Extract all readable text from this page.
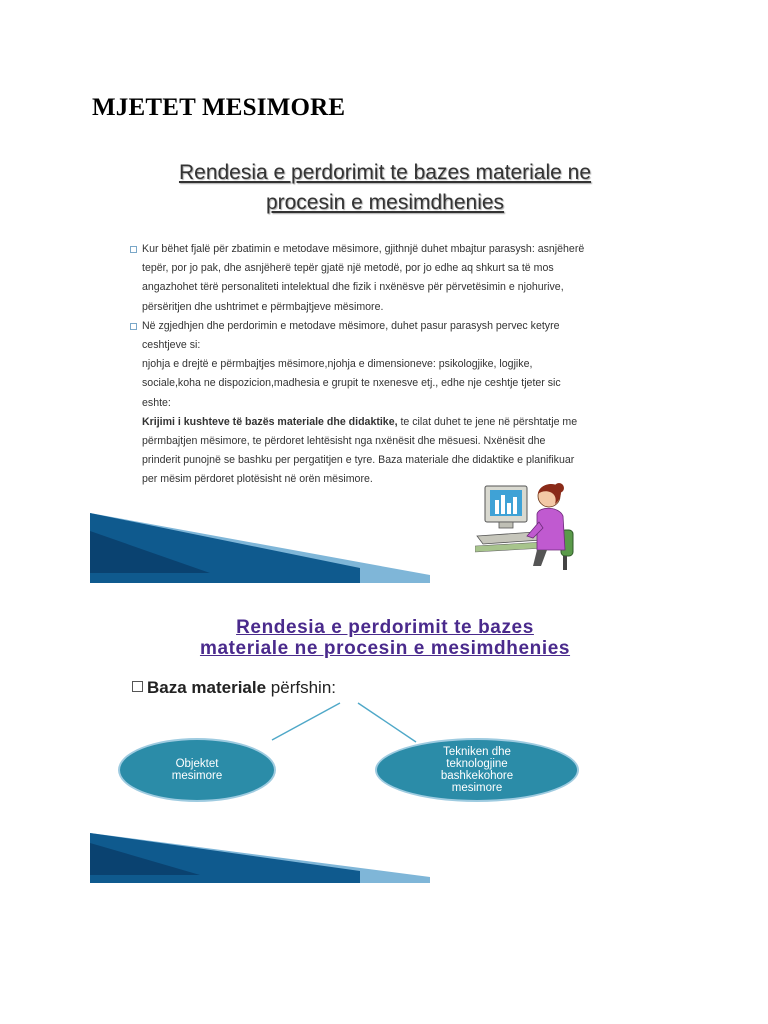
MJETET MESIMORE
Rendesia e perdorimit te bazes materiale ne
procesin e mesimdhenies

Kur bëhet fjalë për zbatimin e metodave mësimore, gjithnjë duhet mbajtur parasysh: asnjëherë

tepër, por jo pak, dhe asnjëherë tepër gjatë një metodë, por jo edhe aq shkurt sa të mos

angazhohet tërë personaliteti intelektual dhe fizik i nxënësve për përvetësimin e njohurive,

përsëritjen dhe ushtrimet e përmbajtjeve mësimore.

Në zgjedhjen dhe perdorimin e metodave mësimore, duhet pasur parasysh pervec ketyre

ceshtjeve si:

njohja e drejtë e përmbajtjes mësimore,njohja e dimensioneve: psikologjike, logjike,

sociale,koha ne dispozicion,madhesia e grupit te nxenesve etj., edhe nje ceshtje tjeter sic

eshte:

Krijimi i kushteve të bazës materiale dhe didaktike, te cilat duhet te jene në përshtatje me

përmbajtjen mësimore, te përdoret lehtësisht nga nxënësit dhe mësuesi. Nxënësit dhe

prinderit punojnë se bashku per pergatitjen e tyre. Baza materiale dhe didaktike e planifikuar

per mësim përdoret plotësisht në orën mësimore.

Rendesia e perdorimit te bazes
materiale ne procesin e mesimdhenies
Baza materiale përfshin:
Objektet
mesimore
Tekniken dhe
teknologjine
bashkekohore
mesimore
